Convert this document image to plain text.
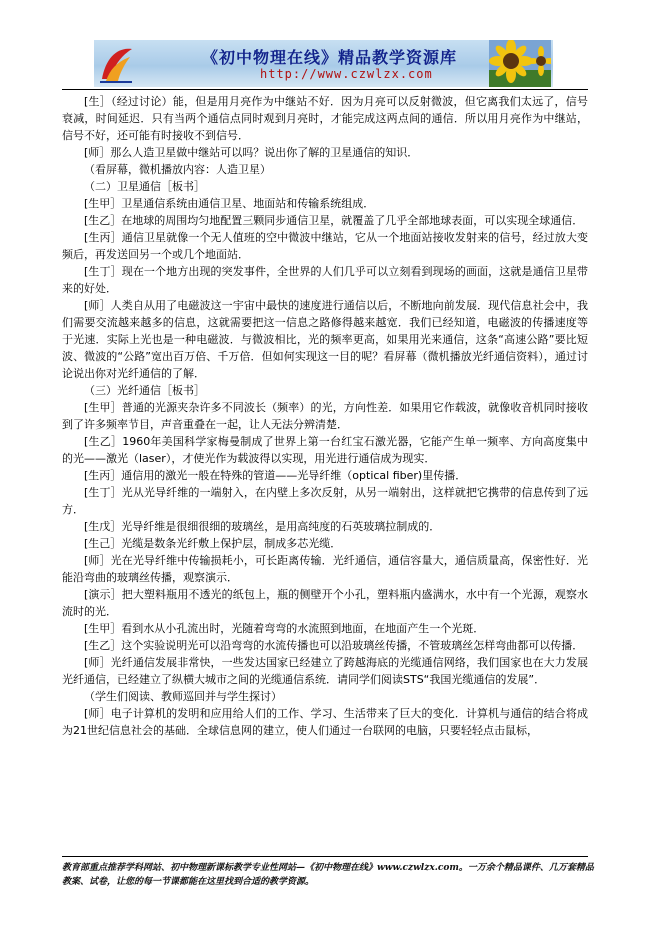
《初中物理在线》精品教学资源库
http://www.czwlzx.com

[生］（经过讨论）能，但是用月亮作为中继站不好．因为月亮可以反射微波，但它离我们太远了，信号衰减，时间延迟．只有当两个通信点同时观到月亮时，才能完成这两点间的通信．所以用月亮作为中继站，信号不好，还可能有时接收不到信号．

[师］那么人造卫星做中继站可以吗？说出你了解的卫星通信的知识．

（看屏幕，微机播放内容：人造卫星）

（二）卫星通信［板书］

[生甲］卫星通信系统由通信卫星、地面站和传输系统组成．

[生乙］在地球的周围均匀地配置三颗同步通信卫星，就覆盖了几乎全部地球表面，可以实现全球通信．

[生丙］通信卫星就像一个无人值班的空中微波中继站，它从一个地面站接收发射来的信号，经过放大变频后，再发送回另一个或几个地面站．

[生丁］现在一个地方出现的突发事件，全世界的人们几乎可以立刻看到现场的画面，这就是通信卫星带来的好处．

[师］人类自从用了电磁波这一宇宙中最快的速度进行通信以后，不断地向前发展．现代信息社会中，我们需要交流越来越多的信息，这就需要把这一信息之路修得越来越宽．我们已经知道，电磁波的传播速度等于光速．实际上光也是一种电磁波．与微波相比，光的频率更高，如果用光来通信，这条“高速公路”要比短波、微波的“公路”宽出百万倍、千万倍．但如何实现这一目的呢？看屏幕（微机播放光纤通信资料），通过讨论说出你对光纤通信的了解．

（三）光纤通信［板书］

[生甲］普通的光源夹杂许多不同波长（频率）的光，方向性差．如果用它作载波，就像收音机同时接收到了许多频率节目，声音重叠在一起，让人无法分辨清楚．

[生乙］1960年美国科学家梅曼制成了世界上第一台红宝石激光器，它能产生单一频率、方向高度集中的光——激光（laser），才使光作为载波得以实现，用光进行通信成为现实．

[生丙］通信用的激光一般在特殊的管道——光导纤维（optical fiber)里传播．

[生丁］光从光导纤维的一端射入，在内壁上多次反射，从另一端射出，这样就把它携带的信息传到了远方．

[生戊］光导纤维是很细很细的玻璃丝，是用高纯度的石英玻璃拉制成的．

[生己］光缆是数条光纤敷上保护层，制成多芯光缆．

[师］光在光导纤维中传输损耗小，可长距离传输．光纤通信，通信容量大，通信质量高，保密性好．光能沿弯曲的玻璃丝传播，观察演示．

[演示］把大塑料瓶用不透光的纸包上，瓶的侧壁开个小孔，塑料瓶内盛满水，水中有一个光源，观察水流时的光．

[生甲］看到水从小孔流出时，光随着弯弯的水流照到地面，在地面产生一个光斑．

[生乙］这个实验说明光可以沿弯弯的水流传播也可以沿玻璃丝传播，不管玻璃丝怎样弯曲都可以传播．

[师］光纤通信发展非常快，一些发达国家已经建立了跨越海底的光缆通信网络，我们国家也在大力发展光纤通信，已经建立了纵横大城市之间的光缆通信系统．请同学们阅读STS“我国光缆通信的发展”．

（学生们阅读、教师巡回并与学生探讨）

[师］电子计算机的发明和应用给人们的工作、学习、生活带来了巨大的变化．计算机与通信的结合将成为21世纪信息社会的基础．全球信息网的建立，使人们通过一台联网的电脑，只要轻轻点击鼠标，

教育部重点推荐学科网站、初中物理新课标教学专业性网站—《初中物理在线》www.czwlzx.com。一万余个精品课件、几万套精品教案、试卷，让您的每一节课都能在这里找到合适的教学资源。
